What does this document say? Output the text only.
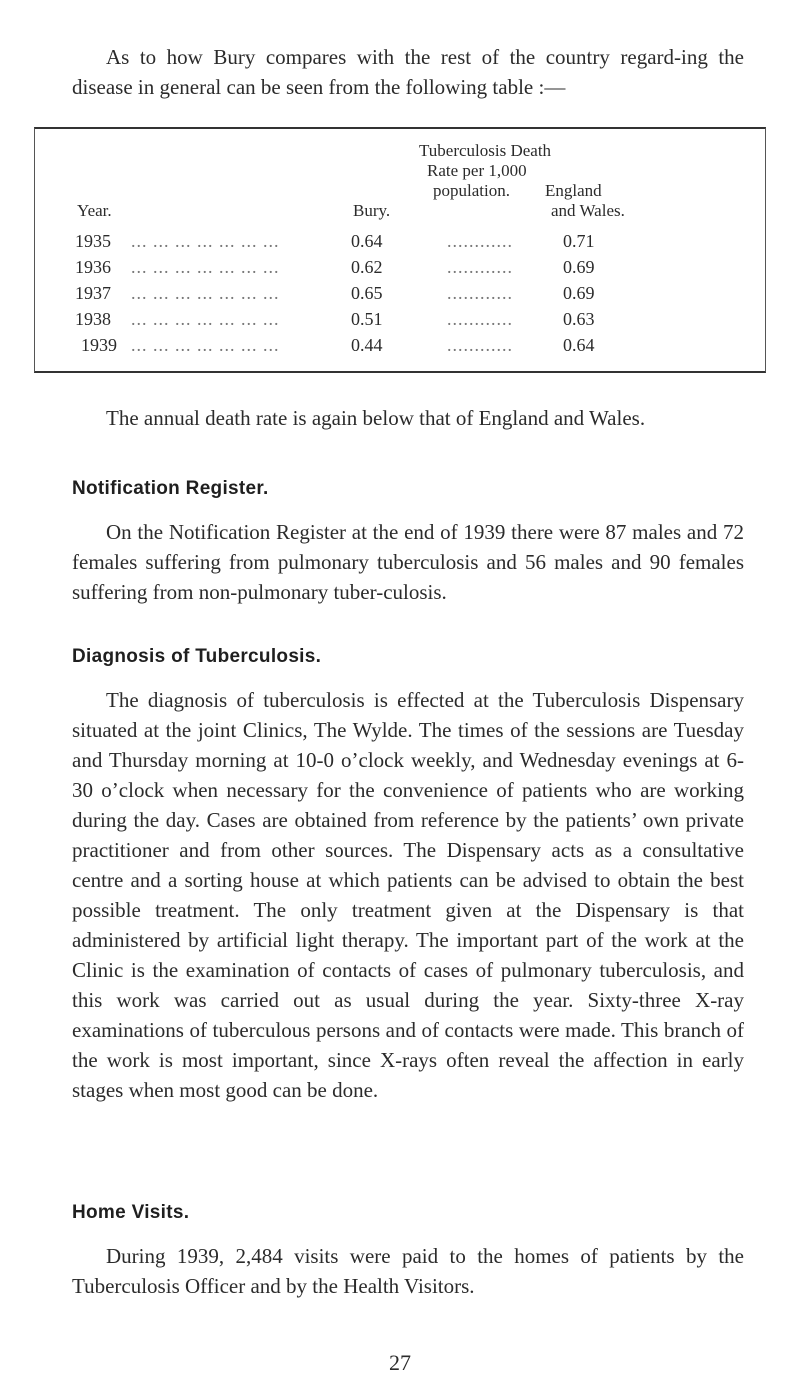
As to how Bury compares with the rest of the country regard-ing the disease in general can be seen from the following table :—

Tuberculosis Death
Rate per 1,000
population. England
Year.	Bury.	and Wales.
1935 ... ... ... ... ... ... ...	0.64	............	0.71
1936 ... ... ... ... ... ... ...	0.62	............	0.69
1937 ... ... ... ... ... ... ...	0.65	............	0.69
1938 ... ... ... ... ... ... ...	0.51	............	0.63
1939 ... ... ... ... ... ... ...	0.44	............	0.64

The annual death rate is again below that of England and Wales.

Notification Register.

On the Notification Register at the end of 1939 there were 87 males and 72 females suffering from pulmonary tuberculosis and 56 males and 90 females suffering from non-pulmonary tuber-culosis.

Diagnosis of Tuberculosis.

The diagnosis of tuberculosis is effected at the Tuberculosis Dispensary situated at the joint Clinics, The Wylde. The times of the sessions are Tuesday and Thursday morning at 10-0 o’clock weekly, and Wednesday evenings at 6-30 o’clock when necessary for the convenience of patients who are working during the day. Cases are obtained from reference by the patients’ own private practitioner and from other sources. The Dispensary acts as a consultative centre and a sorting house at which patients can be advised to obtain the best possible treatment. The only treatment given at the Dispensary is that administered by artificial light therapy. The important part of the work at the Clinic is the examination of contacts of cases of pulmonary tuberculosis, and this work was carried out as usual during the year. Sixty-three X-ray examinations of tuberculous persons and of contacts were made. This branch of the work is most important, since X-rays often reveal the affection in early stages when most good can be done.

Home Visits.

During 1939, 2,484 visits were paid to the homes of patients by the Tuberculosis Officer and by the Health Visitors.

27
